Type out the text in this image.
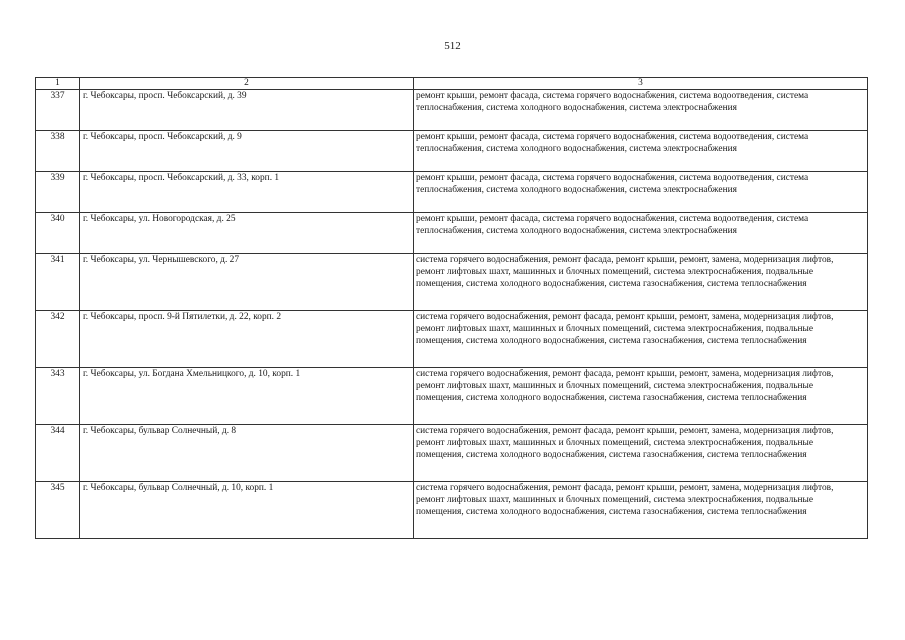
512
1	2	3
337	г. Чебоксары, просп. Чебоксарский, д. 39	ремонт крыши, ремонт фасада, система горячего водоснабжения, система водоотведения, система теплоснабжения, система холодного водоснабжения, система электроснабжения
338	г. Чебоксары, просп. Чебоксарский, д. 9	ремонт крыши, ремонт фасада, система горячего водоснабжения, система водоотведения, система теплоснабжения, система холодного водоснабжения, система электроснабжения
339	г. Чебоксары, просп. Чебоксарский, д. 33, корп. 1	ремонт крыши, ремонт фасада, система горячего водоснабжения, система водоотведения, система теплоснабжения, система холодного водоснабжения, система электроснабжения
340	г. Чебоксары, ул. Новогородская, д. 25	ремонт крыши, ремонт фасада, система горячего водоснабжения, система водоотведения, система теплоснабжения, система холодного водоснабжения, система электроснабжения
341	г. Чебоксары, ул. Чернышевского, д. 27	система горячего водоснабжения, ремонт фасада, ремонт крыши, ремонт, замена, модернизация лифтов, ремонт лифтовых шахт, машинных и блочных помещений, система электроснабжения, подвальные помещения, система холодного водоснабжения, система газоснабжения, система теплоснабжения
342	г. Чебоксары, просп. 9-й Пятилетки, д. 22, корп. 2	система горячего водоснабжения, ремонт фасада, ремонт крыши, ремонт, замена, модернизация лифтов, ремонт лифтовых шахт, машинных и блочных помещений, система электроснабжения, подвальные помещения, система холодного водоснабжения, система газоснабжения, система теплоснабжения
343	г. Чебоксары, ул. Богдана Хмельницкого, д. 10, корп. 1	система горячего водоснабжения, ремонт фасада, ремонт крыши, ремонт, замена, модернизация лифтов, ремонт лифтовых шахт, машинных и блочных помещений, система электроснабжения, подвальные помещения, система холодного водоснабжения, система газоснабжения, система теплоснабжения
344	г. Чебоксары, бульвар Солнечный, д. 8	система горячего водоснабжения, ремонт фасада, ремонт крыши, ремонт, замена, модернизация лифтов, ремонт лифтовых шахт, машинных и блочных помещений, система электроснабжения, подвальные помещения, система холодного водоснабжения, система газоснабжения, система теплоснабжения
345	г. Чебоксары, бульвар Солнечный, д. 10, корп. 1	система горячего водоснабжения, ремонт фасада, ремонт крыши, ремонт, замена, модернизация лифтов, ремонт лифтовых шахт, машинных и блочных помещений, система электроснабжения, подвальные помещения, система холодного водоснабжения, система газоснабжения, система теплоснабжения
